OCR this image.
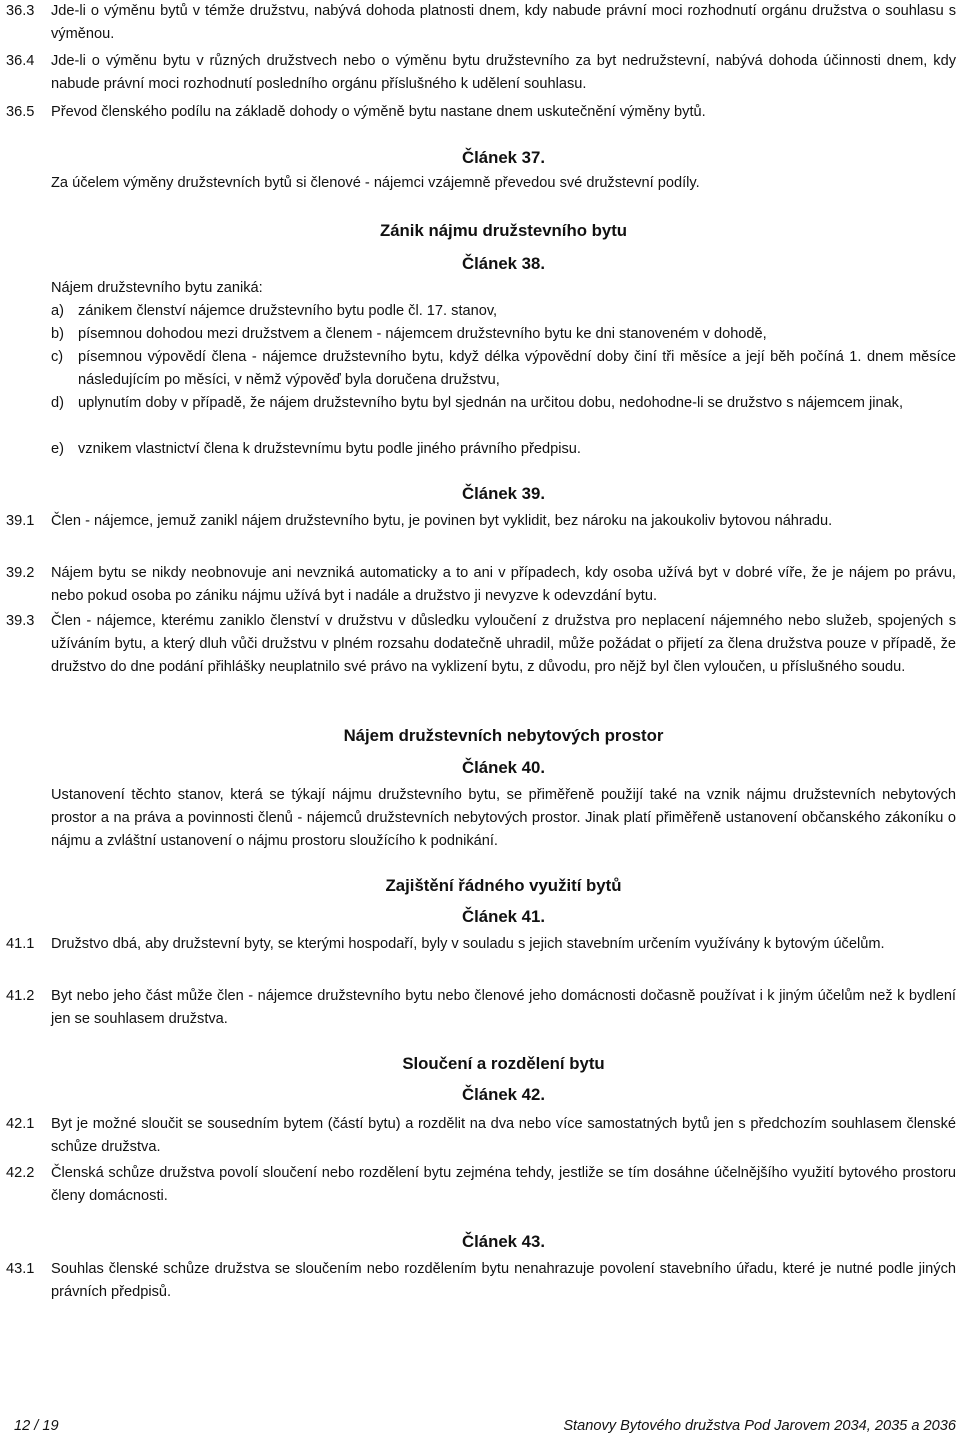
36.3 Jde-li o výměnu bytů v témže družstvu, nabývá dohoda platnosti dnem, kdy nabude právní moci rozhodnutí orgánu družstva o souhlasu s výměnou.
36.4 Jde-li o výměnu bytu v různých družstvech nebo o výměnu bytu družstevního za byt nedružstevní, nabývá dohoda účinnosti dnem, kdy nabude právní moci rozhodnutí posledního orgánu příslušného k udělení souhlasu.
36.5 Převod členského podílu na základě dohody o výměně bytu nastane dnem uskutečnění výměny bytů.
Článek 37.
Za účelem výměny družstevních bytů si členové - nájemci vzájemně převedou své družstevní podíly.
Zánik nájmu družstevního bytu
Článek 38.
Nájem družstevního bytu zaniká:
a) zánikem členství nájemce družstevního bytu podle čl. 17. stanov,
b) písemnou dohodou mezi družstvem a členem - nájemcem družstevního bytu ke dni stanoveném v dohodě,
c)	písemnou výpovědí člena - nájemce družstevního bytu, když délka výpovědní doby činí tři měsíce a její běh počíná 1. dnem měsíce následujícím po měsíci, v němž výpověď byla doručena družstvu,
d) uplynutím doby v případě, že nájem družstevního bytu byl sjednán na určitou dobu, nedohodne-li se družstvo s nájemcem jinak,
e) vznikem vlastnictví člena k družstevnímu bytu podle jiného právního předpisu.
Článek 39.
39.1 Člen - nájemce, jemuž zanikl nájem družstevního bytu, je povinen byt vyklidit, bez nároku na jakoukoliv bytovou náhradu.
39.2 Nájem bytu se nikdy neobnovuje ani nevzniká automaticky a to ani v případech, kdy osoba užívá byt v dobré víře, že je nájem po právu, nebo pokud osoba po zániku nájmu užívá byt i nadále a družstvo ji nevyzve k odevzdání bytu.
39.3 Člen - nájemce, kterému zaniklo členství v družstvu v důsledku vyloučení z družstva pro neplacení nájemného nebo služeb, spojených s užíváním bytu, a který dluh vůči družstvu v plném rozsahu dodatečně uhradil, může požádat o přijetí za člena družstva pouze v případě, že družstvo do dne podání přihlášky neuplatnilo své právo na vyklizení bytu, z důvodu, pro nějž byl člen vyloučen, u příslušného soudu.
Nájem družstevních nebytových prostor
Článek 40.
Ustanovení těchto stanov, která se týkají nájmu družstevního bytu, se přiměřeně použijí také na vznik nájmu družstevních nebytových prostor a na práva a povinnosti členů - nájemců družstevních nebytových prostor. Jinak platí přiměřeně ustanovení občanského zákoníku o nájmu a zvláštní ustanovení o nájmu prostoru sloužícího k podnikání.
Zajištění řádného využití bytů
Článek 41.
41.1 Družstvo dbá, aby družstevní byty, se kterými hospodaří, byly v souladu s jejich stavebním určením využívány k bytovým účelům.
41.2 Byt nebo jeho část může člen - nájemce družstevního bytu nebo členové jeho domácnosti dočasně používat i k jiným účelům než k bydlení jen se souhlasem družstva.
Sloučení a rozdělení bytu
Článek 42.
42.1 Byt je možné sloučit se sousedním bytem (částí bytu) a rozdělit na dva nebo více samostatných bytů jen s předchozím souhlasem členské schůze družstva.
42.2 Členská schůze družstva povolí sloučení nebo rozdělení bytu zejména tehdy, jestliže se tím dosáhne účelnějšího využití bytového prostoru členy domácnosti.
Článek 43.
43.1 Souhlas členské schůze družstva se sloučením nebo rozdělením bytu nenahrazuje povolení stavebního úřadu, které je nutné podle jiných právních předpisů.
12 / 19	Stanovy Bytového družstva Pod Jarovem 2034, 2035 a 2036
